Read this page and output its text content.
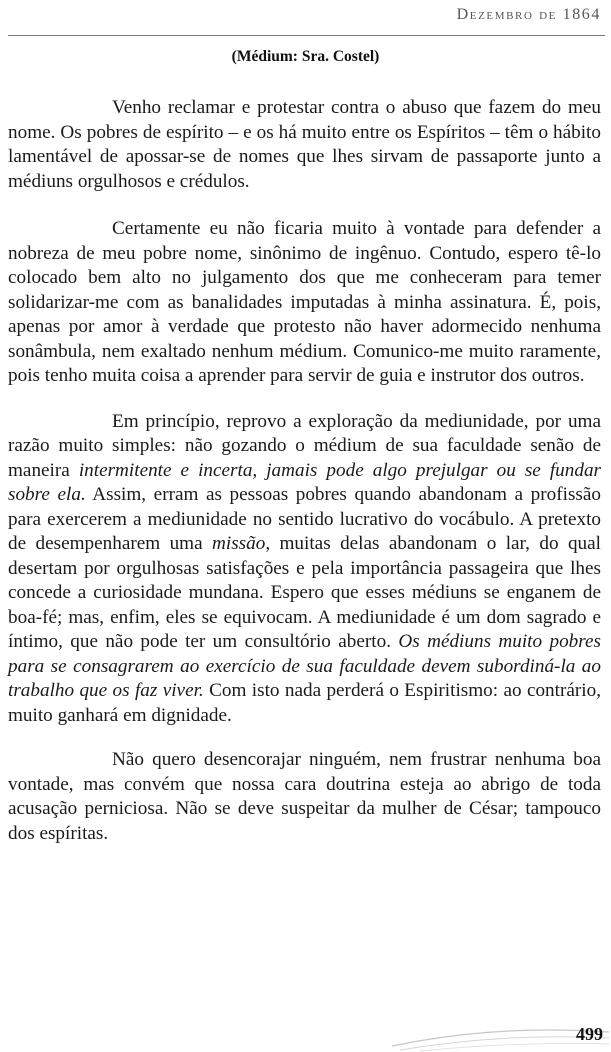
Dezembro de 1864
(Médium: Sra. Costel)

Venho reclamar e protestar contra o abuso que fazem do meu nome. Os pobres de espírito – e os há muito entre os Espíritos – têm o hábito lamentável de apossar-se de nomes que lhes sirvam de passaporte junto a médiuns orgulhosos e crédulos.

Certamente eu não ficaria muito à vontade para defender a nobreza de meu pobre nome, sinônimo de ingênuo. Contudo, espero tê-lo colocado bem alto no julgamento dos que me conheceram para temer solidarizar-me com as banalidades imputadas à minha assinatura. É, pois, apenas por amor à verdade que protesto não haver adormecido nenhuma sonâmbula, nem exaltado nenhum médium. Comunico-me muito raramente, pois tenho muita coisa a aprender para servir de guia e instrutor dos outros.

Em princípio, reprovo a exploração da mediunidade, por uma razão muito simples: não gozando o médium de sua faculdade senão de maneira intermitente e incerta, jamais pode algo prejulgar ou se fundar sobre ela. Assim, erram as pessoas pobres quando abandonam a profissão para exercerem a mediunidade no sentido lucrativo do vocábulo. A pretexto de desempenharem uma missão, muitas delas abandonam o lar, do qual desertam por orgulhosas satisfações e pela importância passageira que lhes concede a curiosidade mundana. Espero que esses médiuns se enganem de boa-fé; mas, enfim, eles se equivocam. A mediunidade é um dom sagrado e íntimo, que não pode ter um consultório aberto. Os médiuns muito pobres para se consagrarem ao exercício de sua faculdade devem subordiná-la ao trabalho que os faz viver. Com isto nada perderá o Espiritismo: ao contrário, muito ganhará em dignidade.

Não quero desencorajar ninguém, nem frustrar nenhuma boa vontade, mas convém que nossa cara doutrina esteja ao abrigo de toda acusação perniciosa. Não se deve suspeitar da mulher de César; tampouco dos espíritas.

499
